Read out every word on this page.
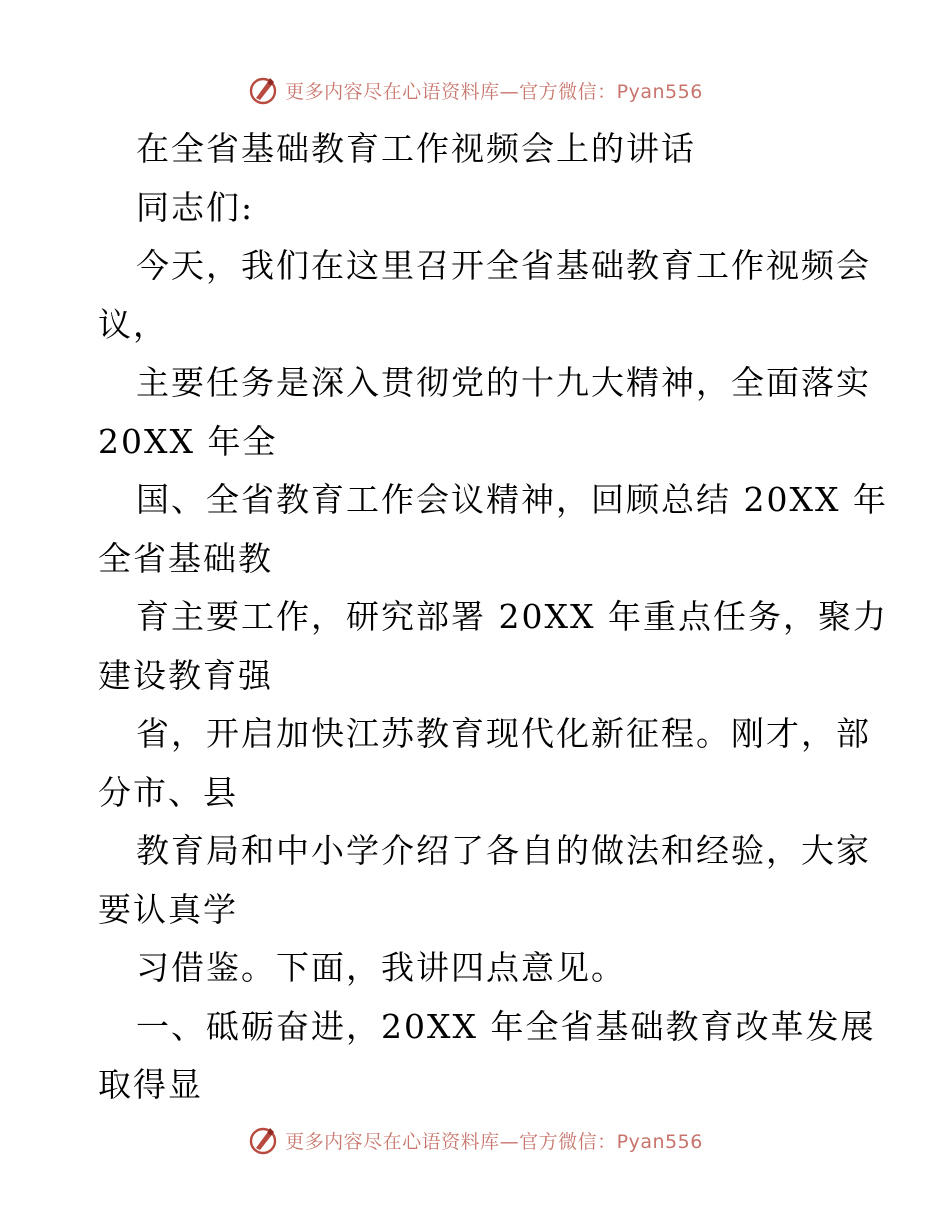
更多内容尽在心语资料库—官方微信：Pyan556
在全省基础教育工作视频会上的讲话
同志们:
今天，我们在这里召开全省基础教育工作视频会
议，
主要任务是深入贯彻党的十九大精神，全面落实
20XX 年全
国、全省教育工作会议精神，回顾总结 20XX 年
全省基础教
育主要工作，研究部署 20XX 年重点任务，聚力
建设教育强
省，开启加快江苏教育现代化新征程。刚才，部
分市、县
教育局和中小学介绍了各自的做法和经验，大家
要认真学
习借鉴。下面，我讲四点意见。
一、砥砺奋进，20XX 年全省基础教育改革发展
取得显
更多内容尽在心语资料库—官方微信：Pyan556
